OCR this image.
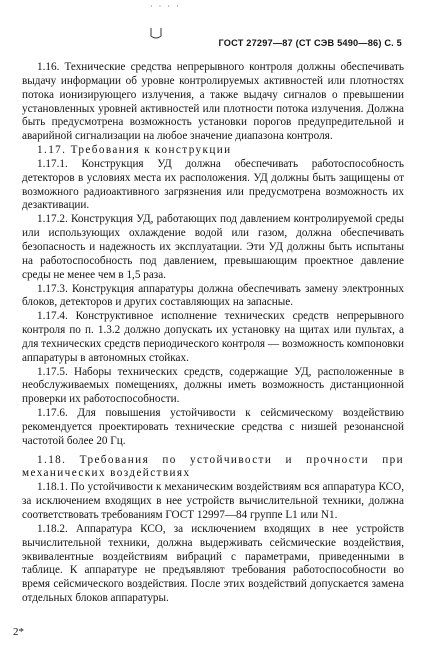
· · · ·
ГОСТ 27297—87 (СТ СЭВ 5490—86) С. 5

1.16. Технические средства непрерывного контроля должны обеспечивать выдачу информации об уровне контролируемых активностей или плотностях потока ионизирующего излучения, а также выдачу сигналов о превышении установленных уровней активностей или плотности потока излучения. Должна быть предусмотрена возможность установки порогов предупредительной и аварийной сигнализации на любое значение диапазона контроля.

1.17. Требования к конструкции

1.17.1. Конструкция УД должна обеспечивать работоспособность детекторов в условиях места их расположения. УД должны быть защищены от возможного радиоактивного загрязнения или предусмотрена возможность их дезактивации.

1.17.2. Конструкция УД, работающих под давлением контролируемой среды или использующих охлаждение водой или газом, должна обеспечивать безопасность и надежность их эксплуатации. Эти УД должны быть испытаны на работоспособность под давлением, превышающим проектное давление среды не менее чем в 1,5 раза.

1.17.3. Конструкция аппаратуры должна обеспечивать замену электронных блоков, детекторов и других составляющих на запасные.

1.17.4. Конструктивное исполнение технических средств непрерывного контроля по п. 1.3.2 должно допускать их установку на щитах или пультах, а для технических средств периодического контроля — возможность компоновки аппаратуры в автономных стойках.

1.17.5. Наборы технических средств, содержащие УД, расположенные в необслуживаемых помещениях, должны иметь возможность дистанционной проверки их работоспособности.

1.17.6. Для повышения устойчивости к сейсмическому воздействию рекомендуется проектировать технические средства с низшей резонансной частотой более 20 Гц.

1.18. Требования по устойчивости и прочности при механических воздействиях

1.18.1. По устойчивости к механическим воздействиям вся аппаратура КСО, за исключением входящих в нее устройств вычислительной техники, должна соответствовать требованиям ГОСТ 12997—84 группе L1 или N1.

1.18.2. Аппаратура КСО, за исключением входящих в нее устройств вычислительной техники, должна выдерживать сейсмические воздействия, эквивалентные воздействиям вибраций с параметрами, приведенными в таблице. К аппаратуре не предъявляют требования работоспособности во время сейсмического воздействия. После этих воздействий допускается замена отдельных блоков аппаратуры.

2*
